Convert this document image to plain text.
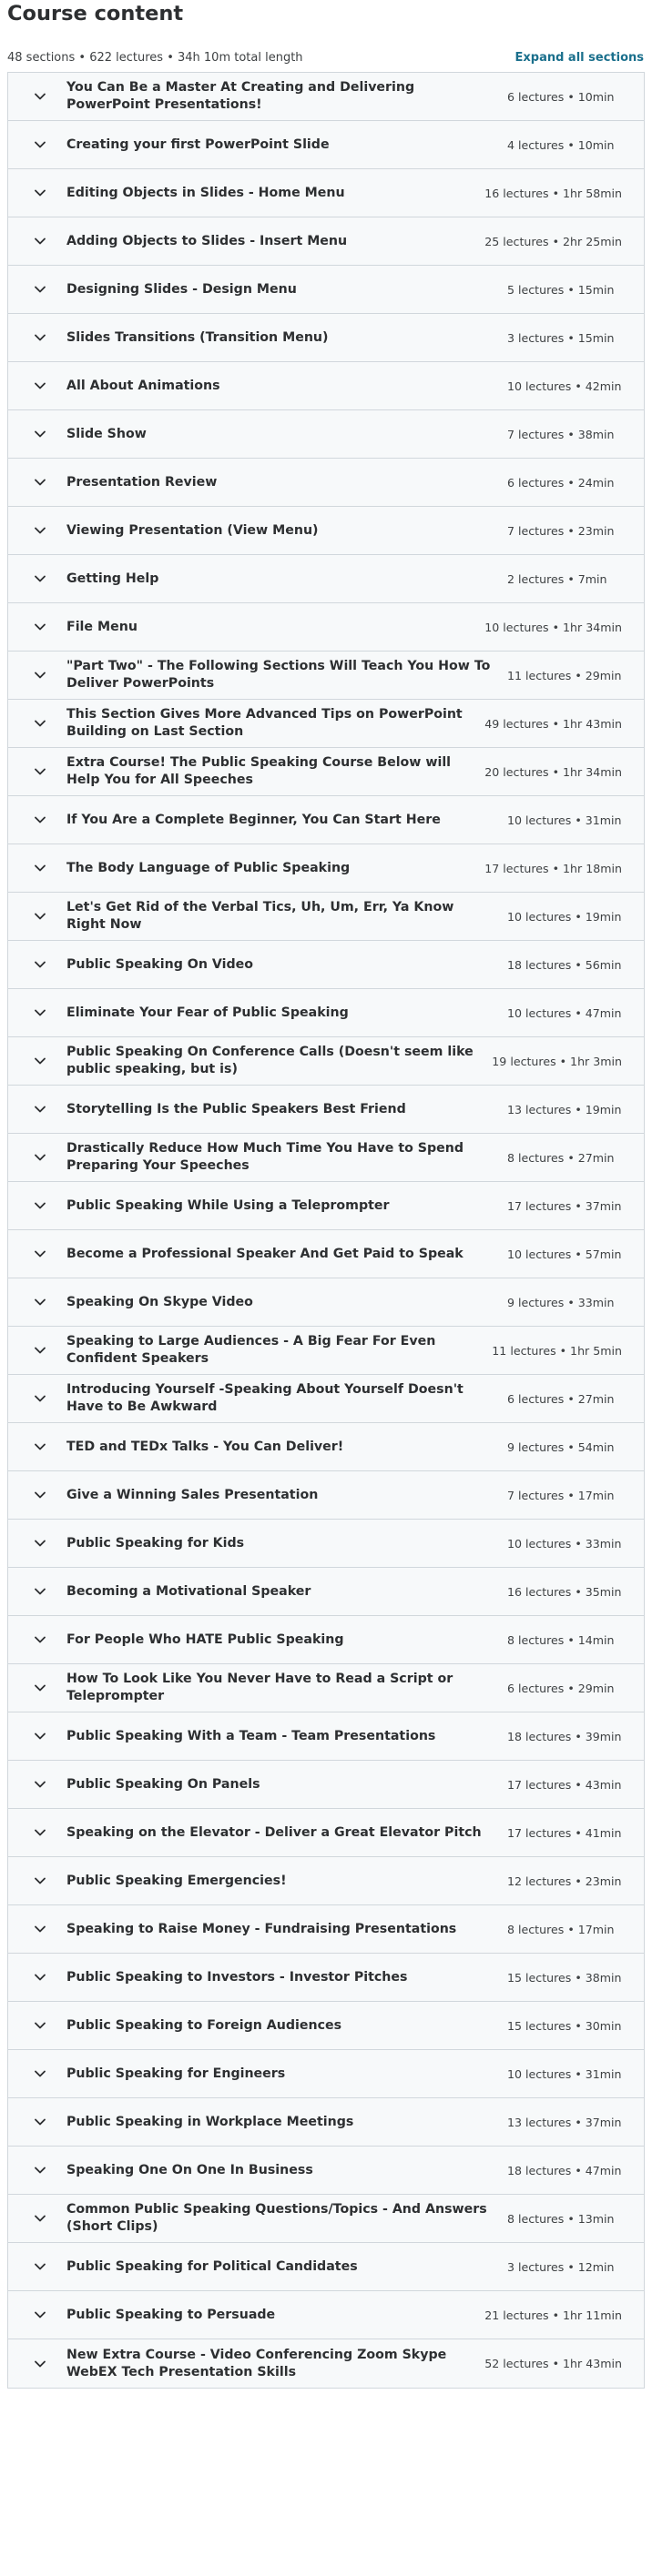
Course content
48 sections • 622 lectures • 34h 10m total length	Expand all sections
You Can Be a Master At Creating and Delivering PowerPoint Presentations!
6 lectures • 10min
Creating your first PowerPoint Slide	4 lectures • 10min
Editing Objects in Slides - Home Menu	16 lectures • 1hr 58min
Adding Objects to Slides - Insert Menu	25 lectures • 2hr 25min
Designing Slides - Design Menu	5 lectures • 15min
Slides Transitions (Transition Menu)	3 lectures • 15min
All About Animations	10 lectures • 42min
Slide Show	7 lectures • 38min
Presentation Review	6 lectures • 24min
Viewing Presentation (View Menu)	7 lectures • 23min
Getting Help	2 lectures • 7min
File Menu	10 lectures • 1hr 34min
"Part Two" - The Following Sections Will Teach You How To Deliver PowerPoints
11 lectures • 29min
This Section Gives More Advanced Tips on PowerPoint Building on Last Section
49 lectures • 1hr 43min
Extra Course! The Public Speaking Course Below will Help You for All Speeches
20 lectures • 1hr 34min
If You Are a Complete Beginner, You Can Start Here	10 lectures • 31min
The Body Language of Public Speaking	17 lectures • 1hr 18min
Let's Get Rid of the Verbal Tics, Uh, Um, Err, Ya Know Right Now
10 lectures • 19min
Public Speaking On Video	18 lectures • 56min
Eliminate Your Fear of Public Speaking	10 lectures • 47min
Public Speaking On Conference Calls (Doesn't seem like public speaking, but is)
19 lectures • 1hr 3min
Storytelling Is the Public Speakers Best Friend	13 lectures • 19min
Drastically Reduce How Much Time You Have to Spend Preparing Your Speeches
8 lectures • 27min
Public Speaking While Using a Teleprompter	17 lectures • 37min
Become a Professional Speaker And Get Paid to Speak	10 lectures • 57min
Speaking On Skype Video	9 lectures • 33min
Speaking to Large Audiences - A Big Fear For Even Confident Speakers
11 lectures • 1hr 5min
Introducing Yourself -Speaking About Yourself Doesn't Have to Be Awkward
6 lectures • 27min
TED and TEDx Talks - You Can Deliver!	9 lectures • 54min
Give a Winning Sales Presentation	7 lectures • 17min
Public Speaking for Kids	10 lectures • 33min
Becoming a Motivational Speaker	16 lectures • 35min
For People Who HATE Public Speaking	8 lectures • 14min
How To Look Like You Never Have to Read a Script or Teleprompter
6 lectures • 29min
Public Speaking With a Team - Team Presentations	18 lectures • 39min
Public Speaking On Panels	17 lectures • 43min
Speaking on the Elevator - Deliver a Great Elevator Pitch	17 lectures • 41min
Public Speaking Emergencies!	12 lectures • 23min
Speaking to Raise Money - Fundraising Presentations	8 lectures • 17min
Public Speaking to Investors - Investor Pitches	15 lectures • 38min
Public Speaking to Foreign Audiences	15 lectures • 30min
Public Speaking for Engineers	10 lectures • 31min
Public Speaking in Workplace Meetings	13 lectures • 37min
Speaking One On One In Business	18 lectures • 47min
Common Public Speaking Questions/Topics - And Answers (Short Clips)
8 lectures • 13min
Public Speaking for Political Candidates	3 lectures • 12min
Public Speaking to Persuade	21 lectures • 1hr 11min
New Extra Course - Video Conferencing Zoom Skype WebEX Tech Presentation Skills
52 lectures • 1hr 43min
